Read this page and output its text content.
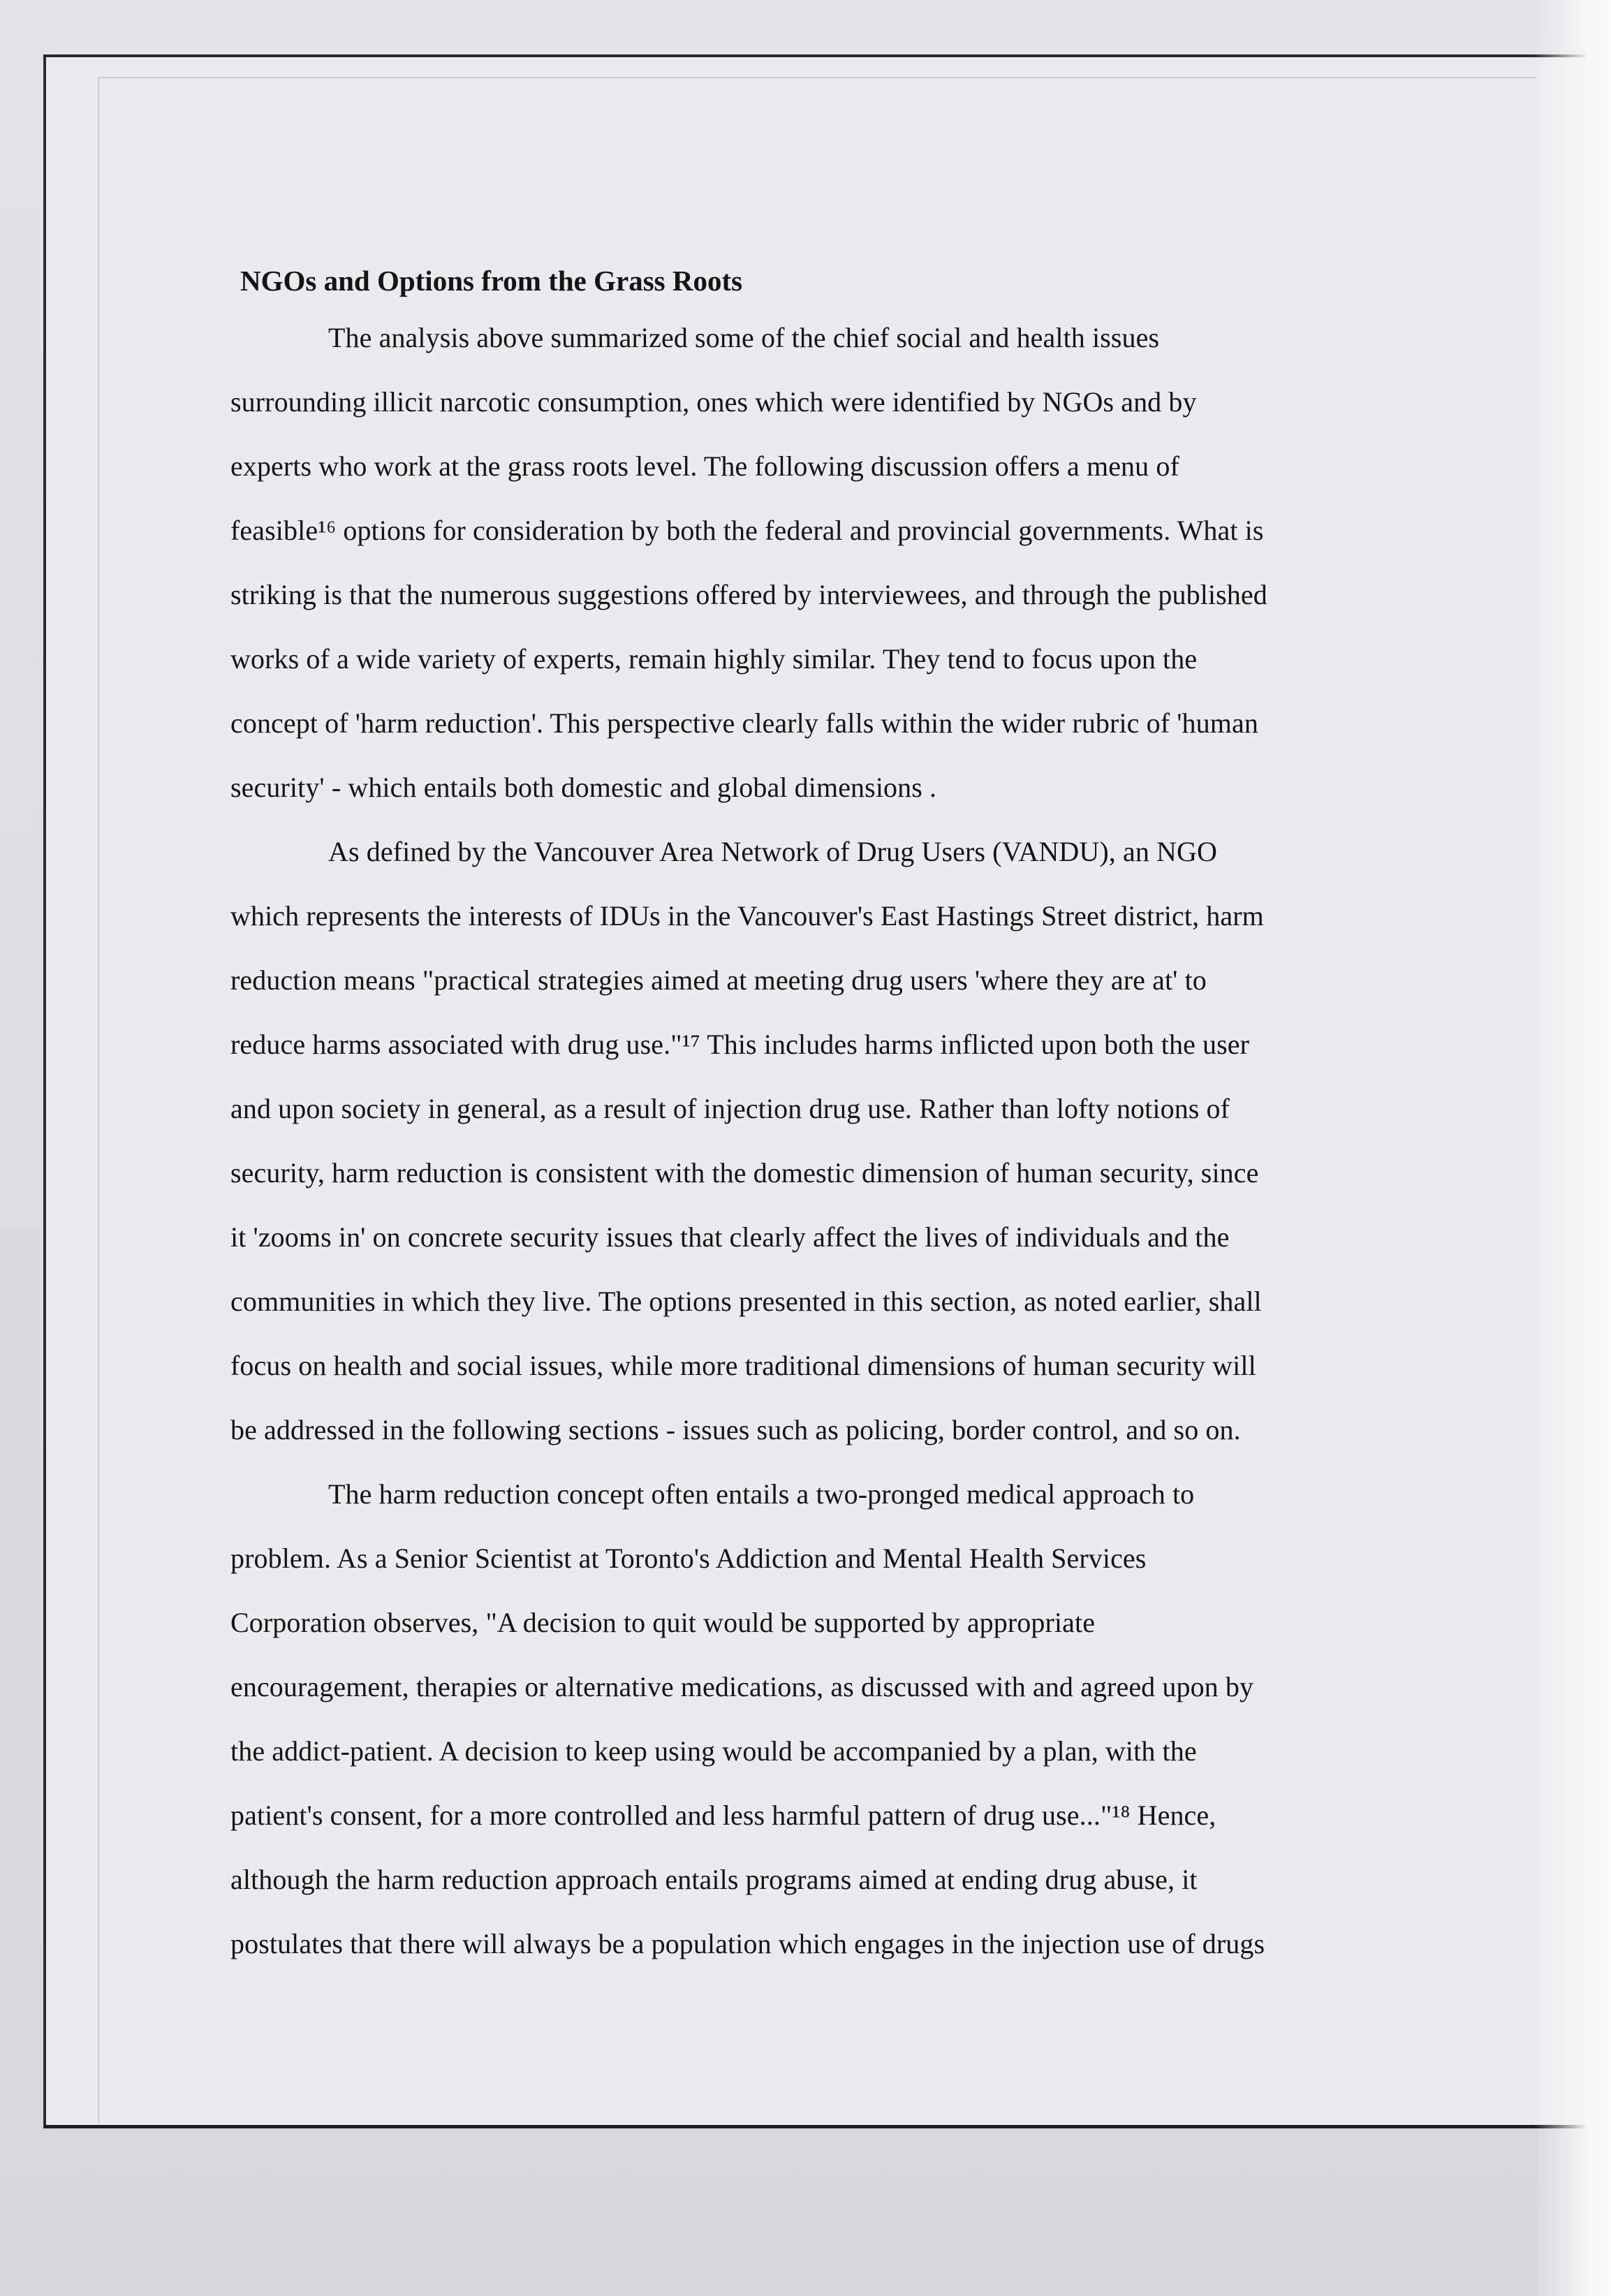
NGOs and Options from the Grass Roots
The analysis above summarized some of the chief social and health issues
surrounding illicit narcotic consumption, ones which were identified by NGOs and by
experts who work at the grass roots level. The following discussion offers a menu of
feasible¹⁶ options for consideration by both the federal and provincial governments. What is
striking is that the numerous suggestions offered by interviewees, and through the published
works of a wide variety of experts, remain highly similar. They tend to focus upon the
concept of 'harm reduction'. This perspective clearly falls within the wider rubric of 'human
security' - which entails both domestic and global dimensions .
As defined by the Vancouver Area Network of Drug Users (VANDU), an NGO
which represents the interests of IDUs in the Vancouver's East Hastings Street district, harm
reduction means "practical strategies aimed at meeting drug users 'where they are at' to
reduce harms associated with drug use."¹⁷ This includes harms inflicted upon both the user
and upon society in general, as a result of injection drug use. Rather than lofty notions of
security, harm reduction is consistent with the domestic dimension of human security, since
it 'zooms in' on concrete security issues that clearly affect the lives of individuals and the
communities in which they live. The options presented in this section, as noted earlier, shall
focus on health and social issues, while more traditional dimensions of human security will
be addressed in the following sections - issues such as policing, border control, and so on.
The harm reduction concept often entails a two-pronged medical approach to
problem. As a Senior Scientist at Toronto's Addiction and Mental Health Services
Corporation observes, "A decision to quit would be supported by appropriate
encouragement, therapies or alternative medications, as discussed with and agreed upon by
the addict-patient. A decision to keep using would be accompanied by a plan, with the
patient's consent, for a more controlled and less harmful pattern of drug use..."¹⁸ Hence,
although the harm reduction approach entails programs aimed at ending drug abuse, it
postulates that there will always be a population which engages in the injection use of drugs
